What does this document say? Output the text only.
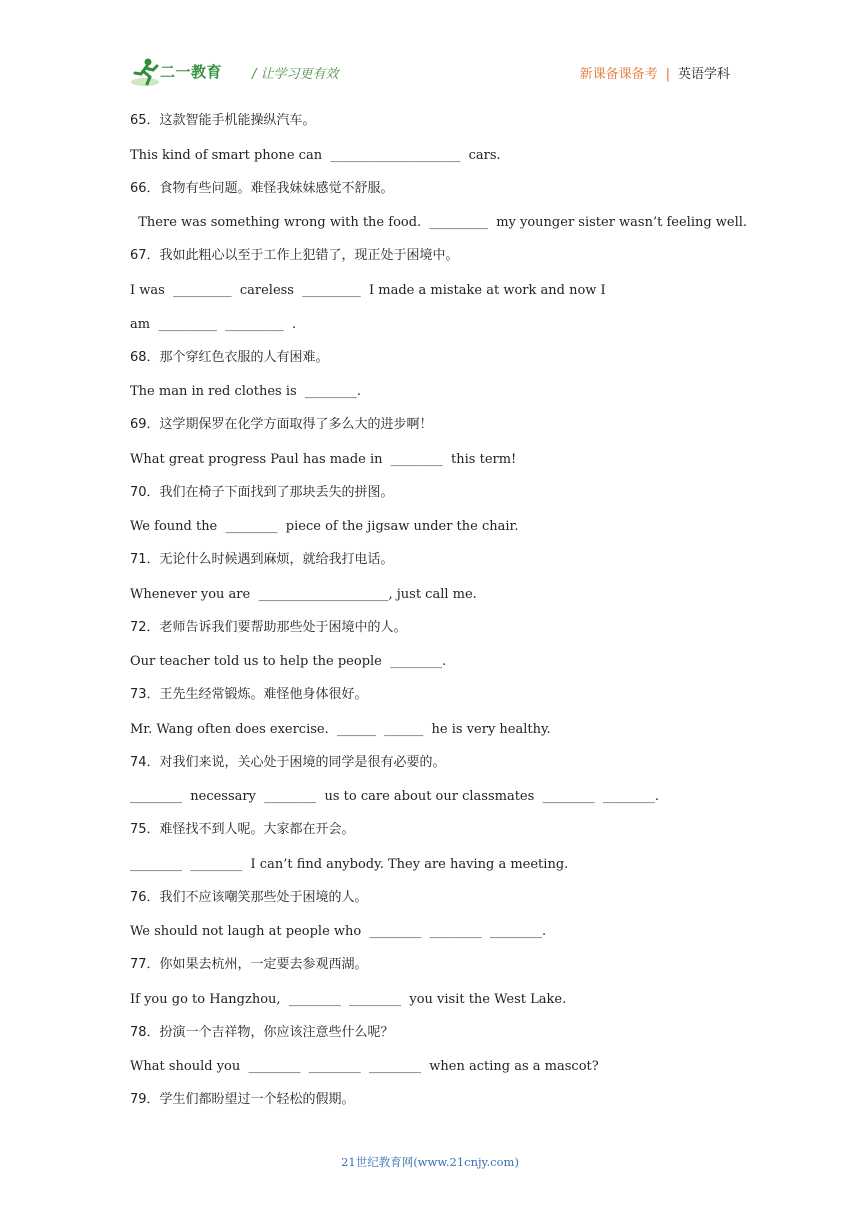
二一教育 / 让学习更有效	新课备课备考 | 英语学科
65．这款智能手机能操纵汽车。
This kind of smart phone can  ____________________  cars.
66．食物有些问题。难怪我妹妹感觉不舒服。
There was something wrong with the food.  _________  my younger sister wasn’t feeling well.
67．我如此粗心以至于工作上犯错了，现正处于困境中。
I was  _________  careless  _________  I made a mistake at work and now I
am  _________  _________  .
68．那个穿红色衣服的人有困难。
The man in red clothes is  ________.
69．这学期保罗在化学方面取得了多么大的进步啊！
What great progress Paul has made in  ________  this term!
70．我们在椅子下面找到了那块丢失的拼图。
We found the  ________  piece of the jigsaw under the chair.
71．无论什么时候遇到麻烦，就给我打电话。
Whenever you are  ____________________, just call me.
72．老师告诉我们要帮助那些处于困境中的人。
Our teacher told us to help the people  ________.
73．王先生经常锻炼。难怪他身体很好。
Mr. Wang often does exercise.  ______  ______  he is very healthy.
74．对我们来说，关心处于困境的同学是很有必要的。
________  necessary  ________  us to care about our classmates  ________  ________.
75．难怪找不到人呢。大家都在开会。
________  ________  I can’t find anybody. They are having a meeting.
76．我们不应该嘲笑那些处于困境的人。
We should not laugh at people who  ________  ________  ________.
77．你如果去杭州，一定要去参观西湖。
If you go to Hangzhou,  ________  ________  you visit the West Lake.
78．扮演一个吉祥物，你应该注意些什么呢？
What should you  ________  ________  ________  when acting as a mascot?
79．学生们都盼望过一个轻松的假期。
21世纪教育网(www.21cnjy.com)
